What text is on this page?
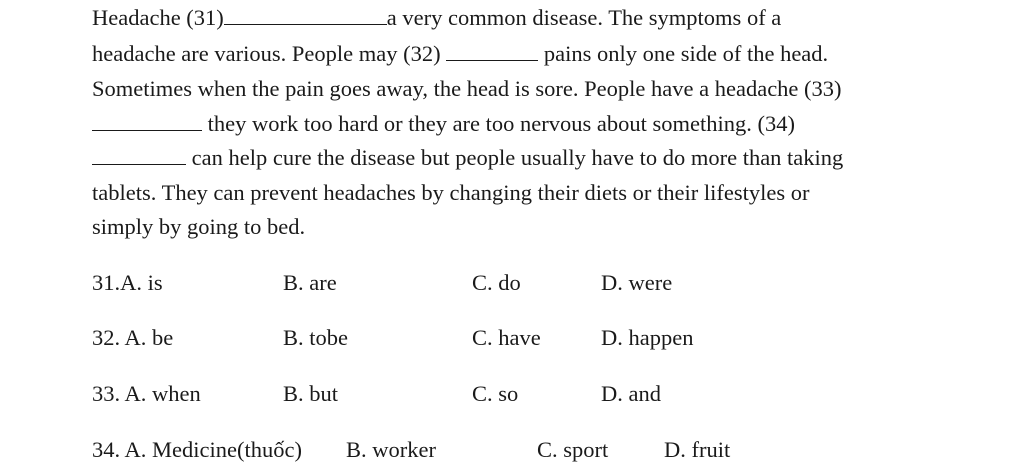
Headache (31)	a very common disease. The symptoms of a
headache are various. People may (32)	pains only one side of the head.
Sometimes when the pain goes away, the head is sore. People have a headache (33)
they work too hard or they are too nervous about something. (34)
can help cure the disease but people usually have to do more than taking
tablets. They can prevent headaches by changing their diets or their lifestyles or
simply by going to bed.
31.A. is	B. are	C. do	D. were
32. A. be	B. tobe	C. have	D. happen
33. A. when	B. but	C. so	D. and
34. A. Medicine(thuốc) B. worker	C. sport D. fruit
